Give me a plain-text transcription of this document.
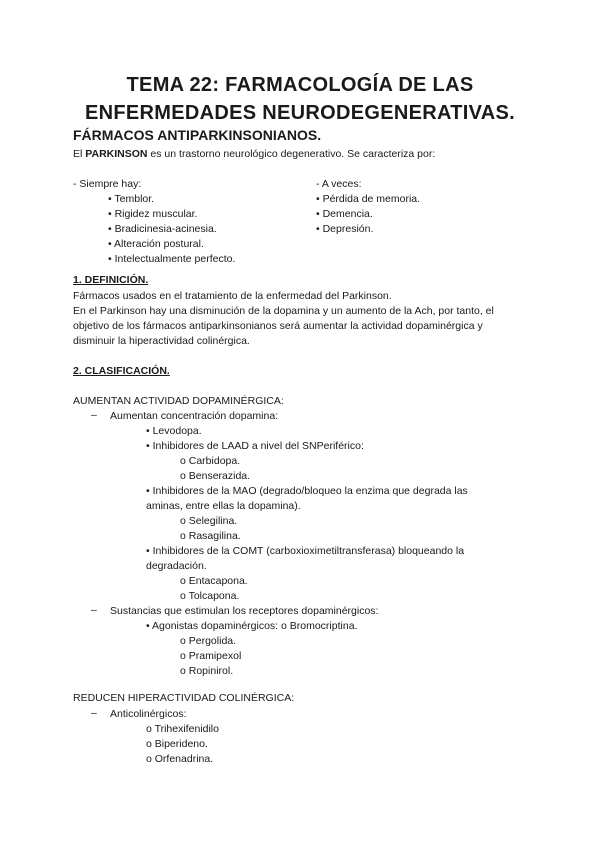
TEMA 22: FARMACOLOGÍA DE LAS
ENFERMEDADES NEURODEGENERATIVAS.
FÁRMACOS ANTIPARKINSONIANOS.
El PARKINSON es un trastorno neurológico degenerativo. Se caracteriza por:
- Siempre hay:
• Temblor.
• Rigidez muscular.
• Bradicinesia-acinesia.
• Alteración postural.
• Intelectualmente perfecto.
- A veces:
• Pérdida de memoria.
• Demencia.
• Depresión.
1. DEFINICIÓN.
Fármacos usados en el tratamiento de la enfermedad del Parkinson.
En el Parkinson hay una disminución de la dopamina y un aumento de la Ach, por tanto, el
objetivo de los fármacos antiparkinsonianos será aumentar la actividad dopaminérgica y
disminuir la hiperactividad colinérgica.
2. CLASIFICACIÓN.
AUMENTAN ACTIVIDAD DOPAMINÉRGICA:
– Aumentan concentración dopamina:
• Levodopa.
• Inhibidores de LAAD a nivel del SNPeriférico:
o Carbidopa.
o Benserazida.
• Inhibidores de la MAO (degrado/bloqueo la enzima que degrada las
aminas, entre ellas la dopamina).
o Selegilina.
o Rasagilina.
• Inhibidores de la COMT (carboxioximetiltransferasa) bloqueando la
degradación.
o Entacapona.
o Tolcapona.
– Sustancias que estimulan los receptores dopaminérgicos:
• Agonistas dopaminérgicos: o Bromocriptina.
o Pergolida.
o Pramipexol
o Ropinirol.
REDUCEN HIPERACTIVIDAD COLINÉRGICA:
– Anticolinérgicos:
o Trihexifenidilo
o Biperideno.
o Orfenadrina.
